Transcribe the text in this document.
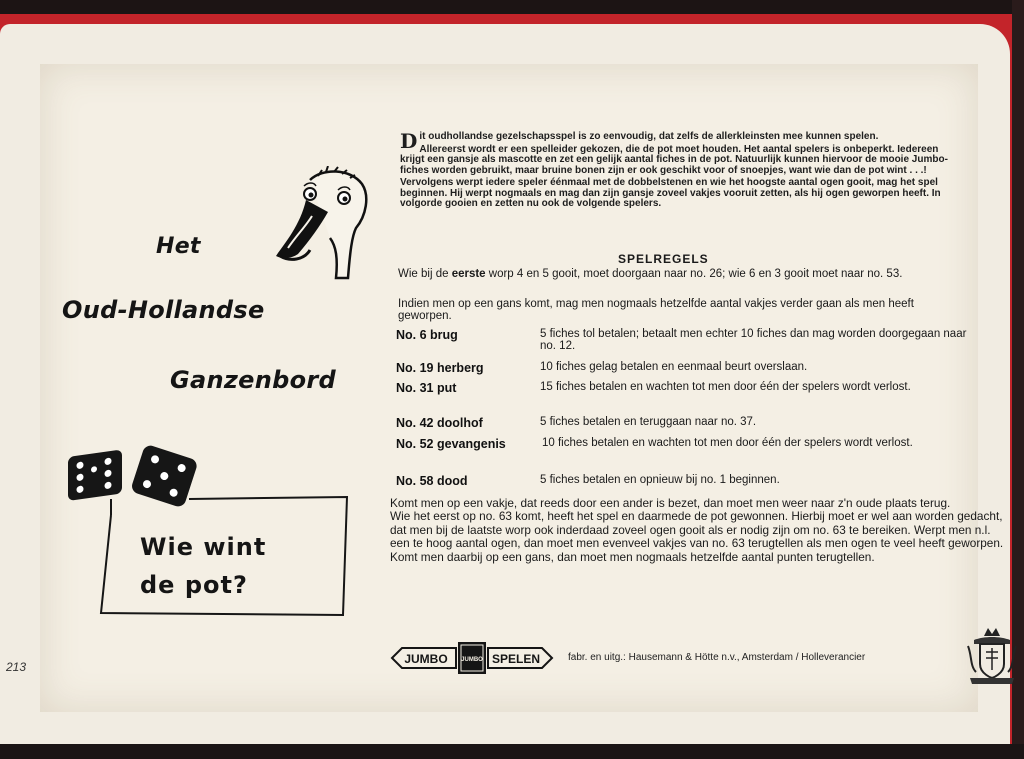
Het
Oud-Hollandse
Ganzenbord
Wie wint
de pot?
213

Dit oudhollandse gezelschapsspel is zo eenvoudig, dat zelfs de allerkleinsten mee kunnen spelen.

Allereerst wordt er een spelleider gekozen, die de pot moet houden. Het aantal spelers is onbeperkt. Iedereen krijgt een gansje als mascotte en zet een gelijk aantal fiches in de pot. Natuurlijk kunnen hiervoor de mooie Jumbo-fiches worden gebruikt, maar bruine bonen zijn er ook geschikt voor of snoepjes, want wie dan de pot wint . . .!

Vervolgens werpt iedere speler éénmaal met de dobbelstenen en wie het hoogste aantal ogen gooit, mag het spel beginnen. Hij werpt nogmaals en mag dan zijn gansje zoveel vakjes vooruit zetten, als hij ogen geworpen heeft. In volgorde gooien en zetten nu ook de volgende spelers.

SPELREGELS
Wie bij de eerste worp 4 en 5 gooit, moet doorgaan naar no. 26; wie 6 en 3 gooit moet naar no. 53.
Indien men op een gans komt, mag men nogmaals hetzelfde aantal vakjes verder gaan als men heeft geworpen.
No. 6 brug	5 fiches tol betalen; betaalt men echter 10 fiches dan mag worden doorgegaan naar no. 12.
No. 19 herberg	10 fiches gelag betalen en eenmaal beurt overslaan.
No. 31 put	15 fiches betalen en wachten tot men door één der spelers wordt verlost.
No. 42 doolhof	5 fiches betalen en teruggaan naar no. 37.
No. 52 gevangenis	10 fiches betalen en wachten tot men door één der spelers wordt verlost.
No. 58 dood	5 fiches betalen en opnieuw bij no. 1 beginnen.

Komt men op een vakje, dat reeds door een ander is bezet, dan moet men weer naar z'n oude plaats terug.

Wie het eerst op no. 63 komt, heeft het spel en daarmede de pot gewonnen. Hierbij moet er wel aan worden gedacht, dat men bij de laatste worp ook inderdaad zoveel ogen gooit als er nodig zijn om no. 63 te bereiken. Werpt men n.l. een te hoog aantal ogen, dan moet men evenveel vakjes van no. 63 terugtellen als men ogen te veel heeft geworpen. Komt men daarbij op een gans, dan moet men nogmaals hetzelfde aantal punten terugtellen.

JUMBO JUMBO SPELEN	fabr. en uitg.: Hausemann & Hötte n.v., Amsterdam / Holleverancier
